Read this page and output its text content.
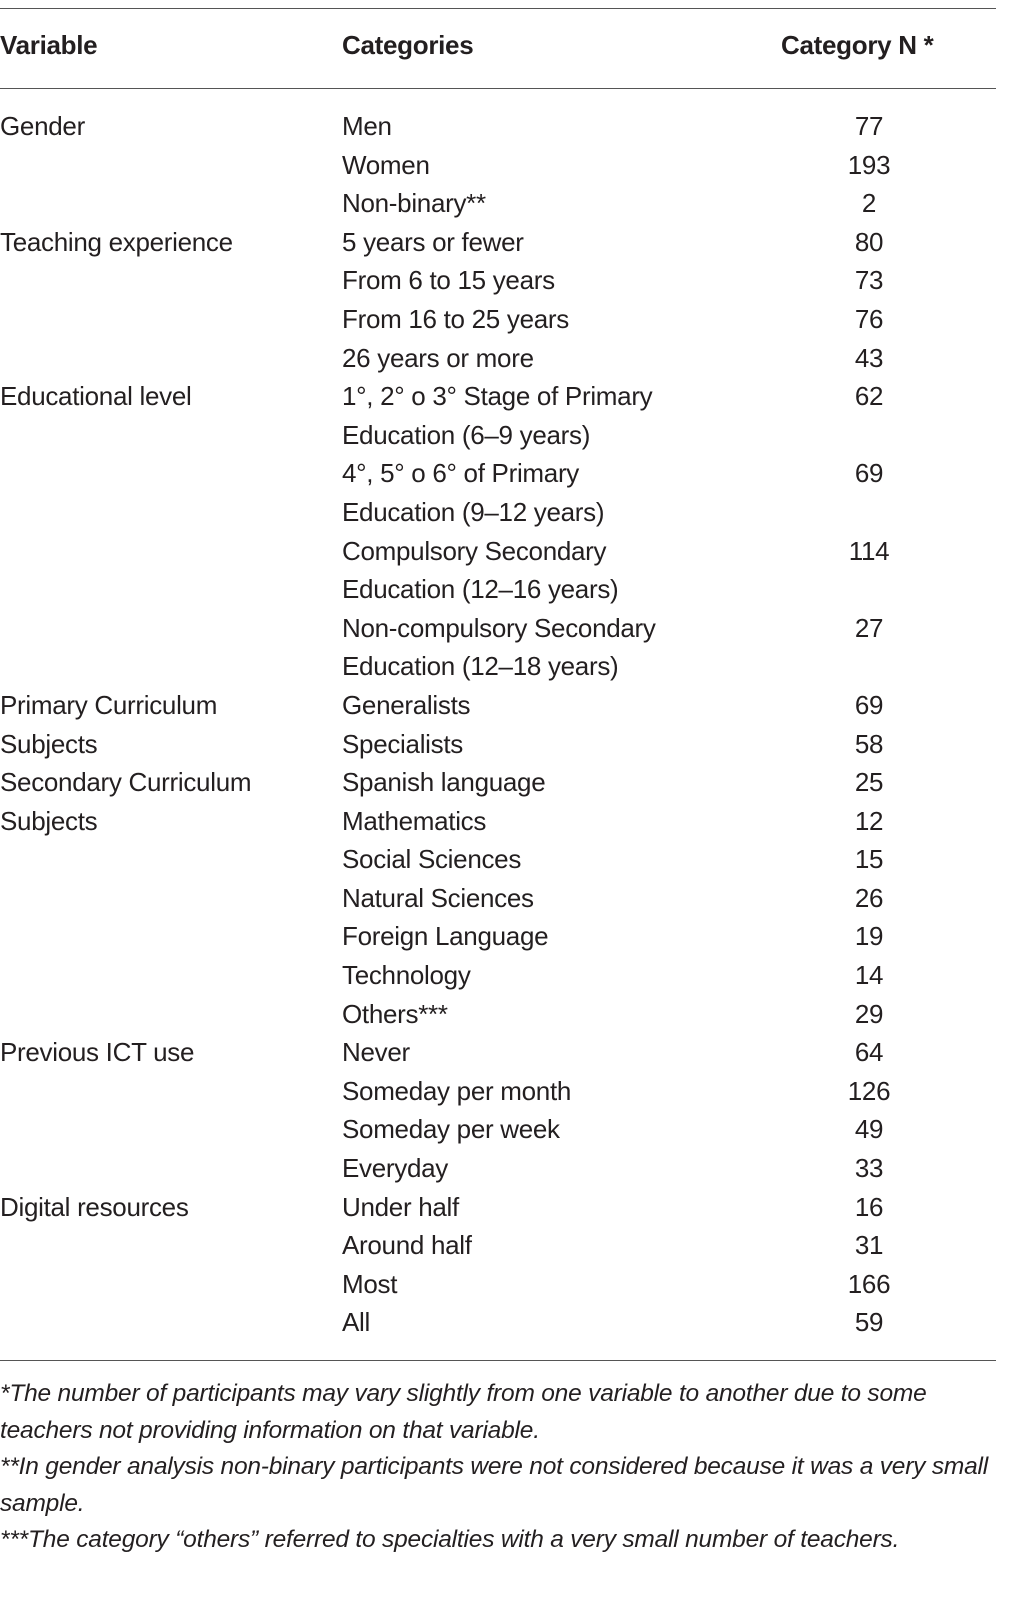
Variable	Categories	Category N *
Gender	Men	77
Women	193
Non-binary**	2
Teaching experience	5 years or fewer	80
From 6 to 15 years	73
From 16 to 25 years	76
26 years or more	43
Educational level	1°, 2° o 3° Stage of Primary	62
Education (6–9 years)
4°, 5° o 6° of Primary	69
Education (9–12 years)
Compulsory Secondary	114
Education (12–16 years)
Non-compulsory Secondary	27
Education (12–18 years)
Primary Curriculum	Generalists	69
Subjects	Specialists	58
Secondary Curriculum	Spanish language	25
Subjects	Mathematics	12
Social Sciences	15
Natural Sciences	26
Foreign Language	19
Technology	14
Others***	29
Previous ICT use	Never	64
Someday per month	126
Someday per week	49
Everyday	33
Digital resources	Under half	16
Around half	31
Most	166
All	59
*The number of participants may vary slightly from one variable to another due to some teachers not providing information on that variable.
**In gender analysis non-binary participants were not considered because it was a very small sample.
***The category “others” referred to specialties with a very small number of teachers.
